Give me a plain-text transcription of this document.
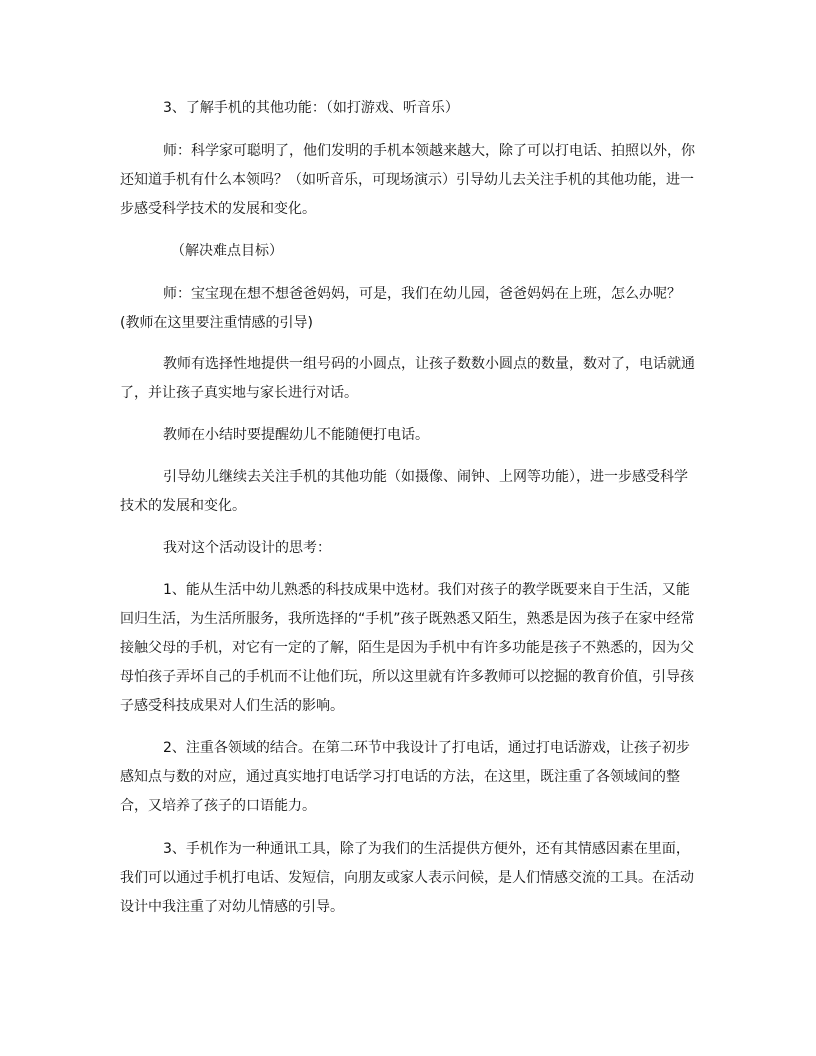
3、了解手机的其他功能：（如打游戏、听音乐）

师：科学家可聪明了，他们发明的手机本领越来越大，除了可以打电话、拍照以外，你还知道手机有什么本领吗？（如听音乐，可现场演示）引导幼儿去关注手机的其他功能，进一步感受科学技术的发展和变化。

（解决难点目标）

师：宝宝现在想不想爸爸妈妈，可是，我们在幼儿园，爸爸妈妈在上班，怎么办呢？(教师在这里要注重情感的引导)

教师有选择性地提供一组号码的小圆点，让孩子数数小圆点的数量，数对了，电话就通了，并让孩子真实地与家长进行对话。

教师在小结时要提醒幼儿不能随便打电话。

引导幼儿继续去关注手机的其他功能（如摄像、闹钟、上网等功能），进一步感受科学技术的发展和变化。

我对这个活动设计的思考：

1、能从生活中幼儿熟悉的科技成果中选材。我们对孩子的教学既要来自于生活，又能回归生活，为生活所服务，我所选择的“手机”孩子既熟悉又陌生，熟悉是因为孩子在家中经常接触父母的手机，对它有一定的了解，陌生是因为手机中有许多功能是孩子不熟悉的，因为父母怕孩子弄坏自己的手机而不让他们玩，所以这里就有许多教师可以挖掘的教育价值，引导孩子感受科技成果对人们生活的影响。

2、注重各领域的结合。在第二环节中我设计了打电话，通过打电话游戏，让孩子初步感知点与数的对应，通过真实地打电话学习打电话的方法，在这里，既注重了各领域间的整合，又培养了孩子的口语能力。

3、手机作为一种通讯工具，除了为我们的生活提供方便外，还有其情感因素在里面，我们可以通过手机打电话、发短信，向朋友或家人表示问候，是人们情感交流的工具。在活动设计中我注重了对幼儿情感的引导。
